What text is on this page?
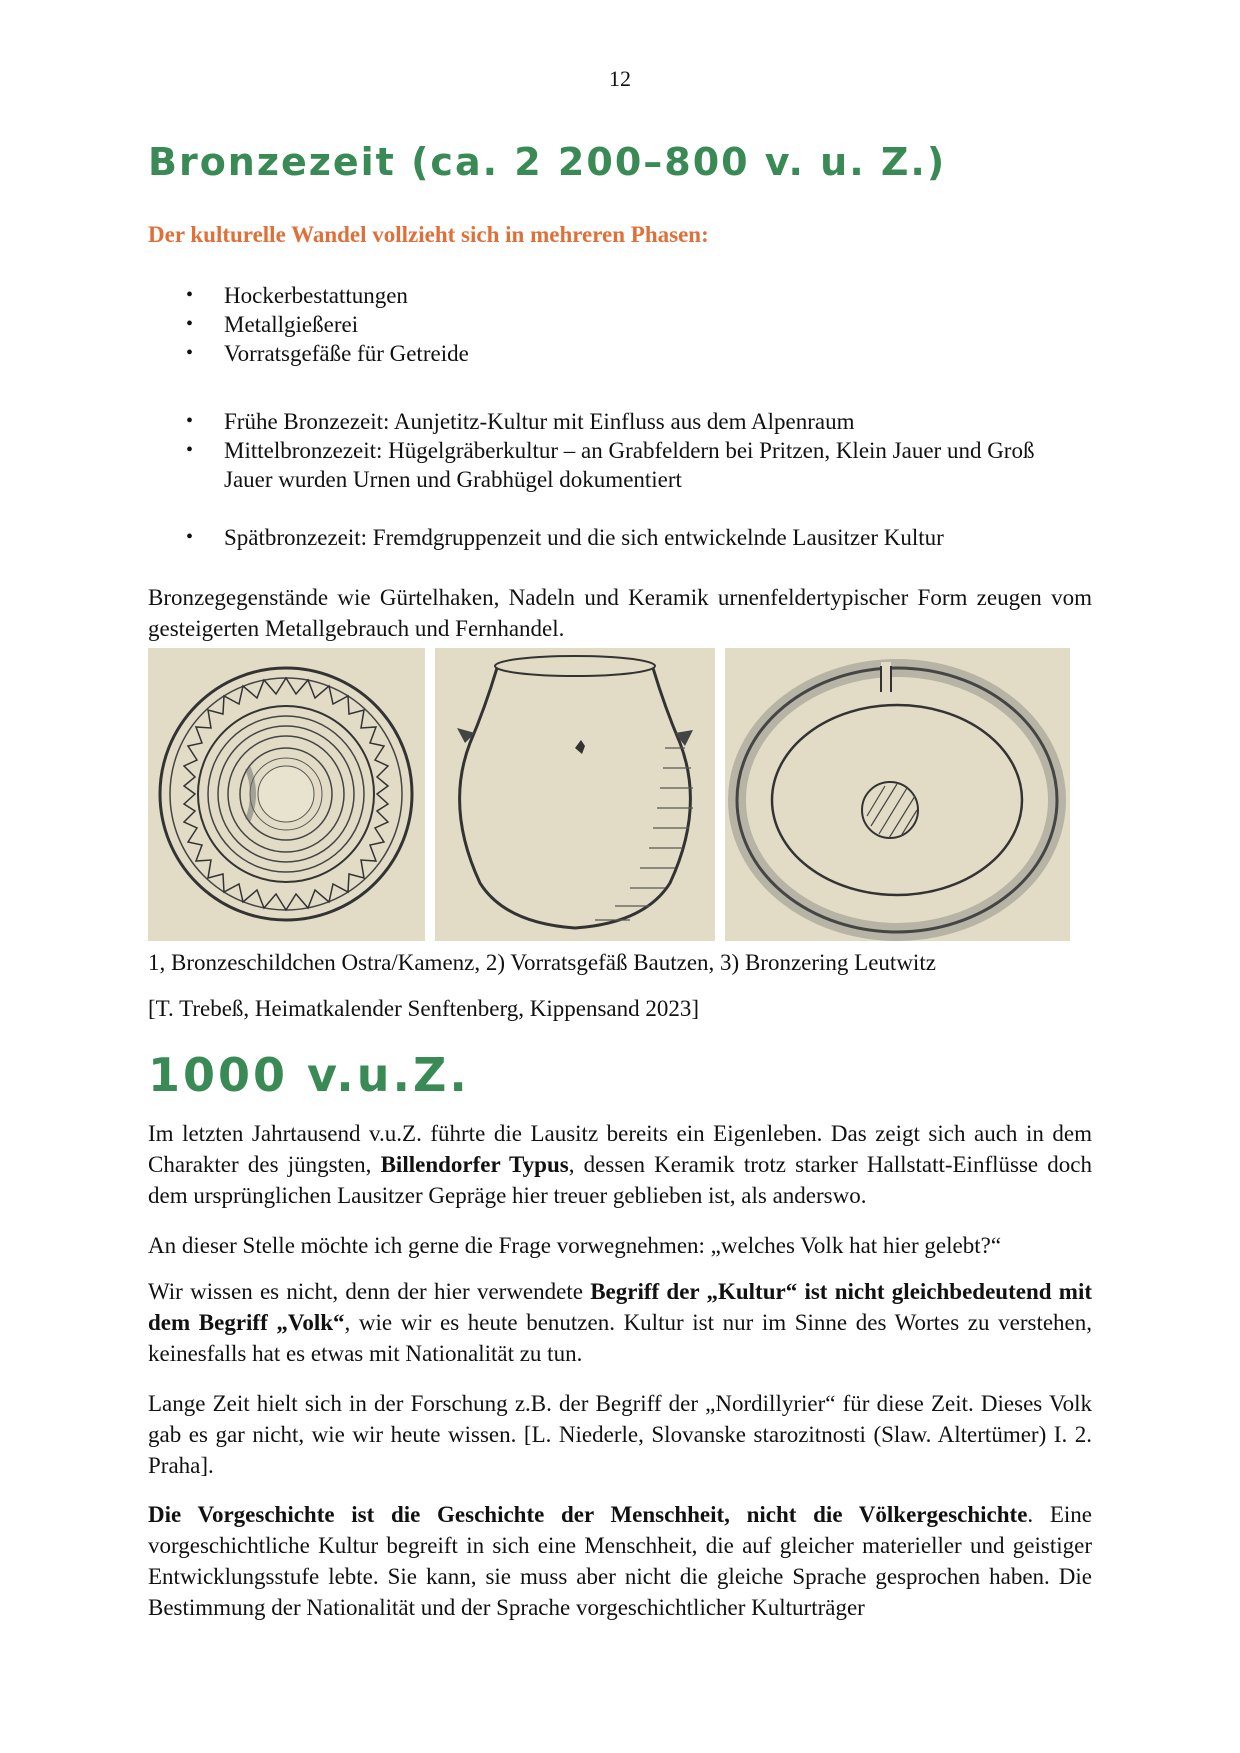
12
Bronzezeit (ca. 2 200–800 v. u. Z.)
Der kulturelle Wandel vollzieht sich in mehreren Phasen:
• Hockerbestattungen
• Metallgießerei
• Vorratsgefäße für Getreide
• Frühe Bronzezeit: Aunjetitz-Kultur mit Einfluss aus dem Alpenraum
• Mittelbronzezeit: Hügelgräberkultur – an Grabfeldern bei Pritzen, Klein Jauer und Groß Jauer wurden Urnen und Grabhügel dokumentiert
• Spätbronzezeit: Fremdgruppenzeit und die sich entwickelnde Lausitzer Kultur

Bronzegegenstände wie Gürtelhaken, Nadeln und Keramik urnenfeldertypischer Form zeugen vom gesteigerten Metallgebrauch und Fernhandel.

1, Bronzeschildchen Ostra/Kamenz, 2) Vorratsgefäß Bautzen, 3) Bronzering Leutwitz

[T. Trebeß, Heimatkalender Senftenberg, Kippensand 2023]

1000 v.u.Z.

Im letzten Jahrtausend v.u.Z. führte die Lausitz bereits ein Eigenleben. Das zeigt sich auch in dem Charakter des jüngsten, Billendorfer Typus, dessen Keramik trotz starker Hallstatt-Einflüsse doch dem ursprünglichen Lausitzer Gepräge hier treuer geblieben ist, als anderswo.

An dieser Stelle möchte ich gerne die Frage vorwegnehmen: „welches Volk hat hier gelebt?“

Wir wissen es nicht, denn der hier verwendete Begriff der „Kultur“ ist nicht gleichbedeutend mit dem Begriff „Volk“, wie wir es heute benutzen. Kultur ist nur im Sinne des Wortes zu verstehen, keinesfalls hat es etwas mit Nationalität zu tun.

Lange Zeit hielt sich in der Forschung z.B. der Begriff der „Nordillyrier“ für diese Zeit. Dieses Volk gab es gar nicht, wie wir heute wissen. [L. Niederle, Slovanske starozitnosti (Slaw. Altertümer) I. 2. Praha].

Die Vorgeschichte ist die Geschichte der Menschheit, nicht die Völkergeschichte. Eine vorgeschichtliche Kultur begreift in sich eine Menschheit, die auf gleicher materieller und geistiger Entwicklungsstufe lebte. Sie kann, sie muss aber nicht die gleiche Sprache gesprochen haben. Die Bestimmung der Nationalität und der Sprache vorgeschichtlicher Kulturträger
